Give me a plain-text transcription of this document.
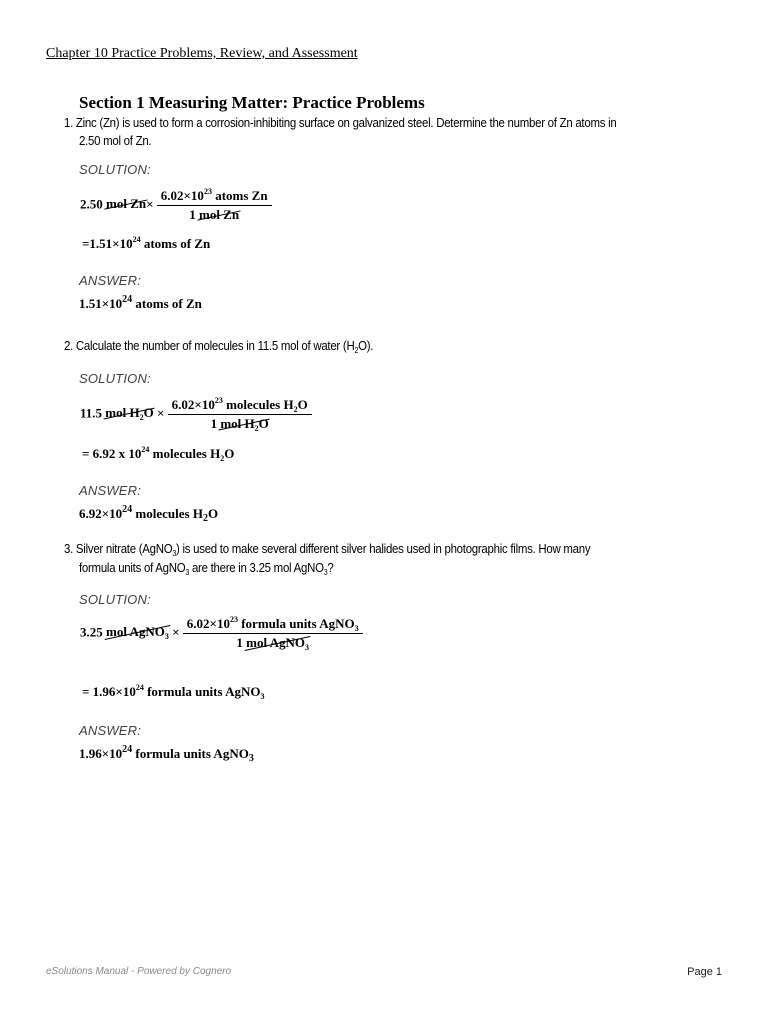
Chapter 10 Practice Problems, Review, and Assessment
Section 1 Measuring Matter: Practice Problems
1. Zinc (Zn) is used to form a corrosion-inhibiting surface on galvanized steel. Determine the number of Zn atoms in
2.50 mol of Zn.
SOLUTION:
2.50 mol $Zn\times \frac{6.02\times 10^{23} atoms Zn}{\text{1 mol Zn}}$
$=1.51\times 10^{24}$ atoms of Zn
ANSWER:
$1.51\times 10^{24}$ atoms of Zn
2. Calculate the number of molecules in 11.5 mol of water $(H_2O)$.
SOLUTION:
11.5 mol $H_2O \times \frac{6.02\times 10^{23} molecules H_2O}{1 mol H_2O}$
= 6.92 x $10^{24}$ molecules $H_2O$
ANSWER:
$6.92\times 10^{24}$ molecules $H_2O$
3. Silver nitrate (AgNO$_3$) is used to make several different silver halides used in photographic films. How many
formula units of AgNO$_3$ are there in 3.25 mol AgNO$_3$?
SOLUTION:
3.25 mol AgNO$_3$ × $\frac{6.02\times 10^{23} formula units AgNO_3}{1 mol AgNO_3}$
= $1.96\times 10^{24}$ formula units AgNO$_3$
ANSWER:
$1.96\times 10^{24}$ formula units AgNO$_3$
eSolutions Manual - Powered by Cognero	Page 1
